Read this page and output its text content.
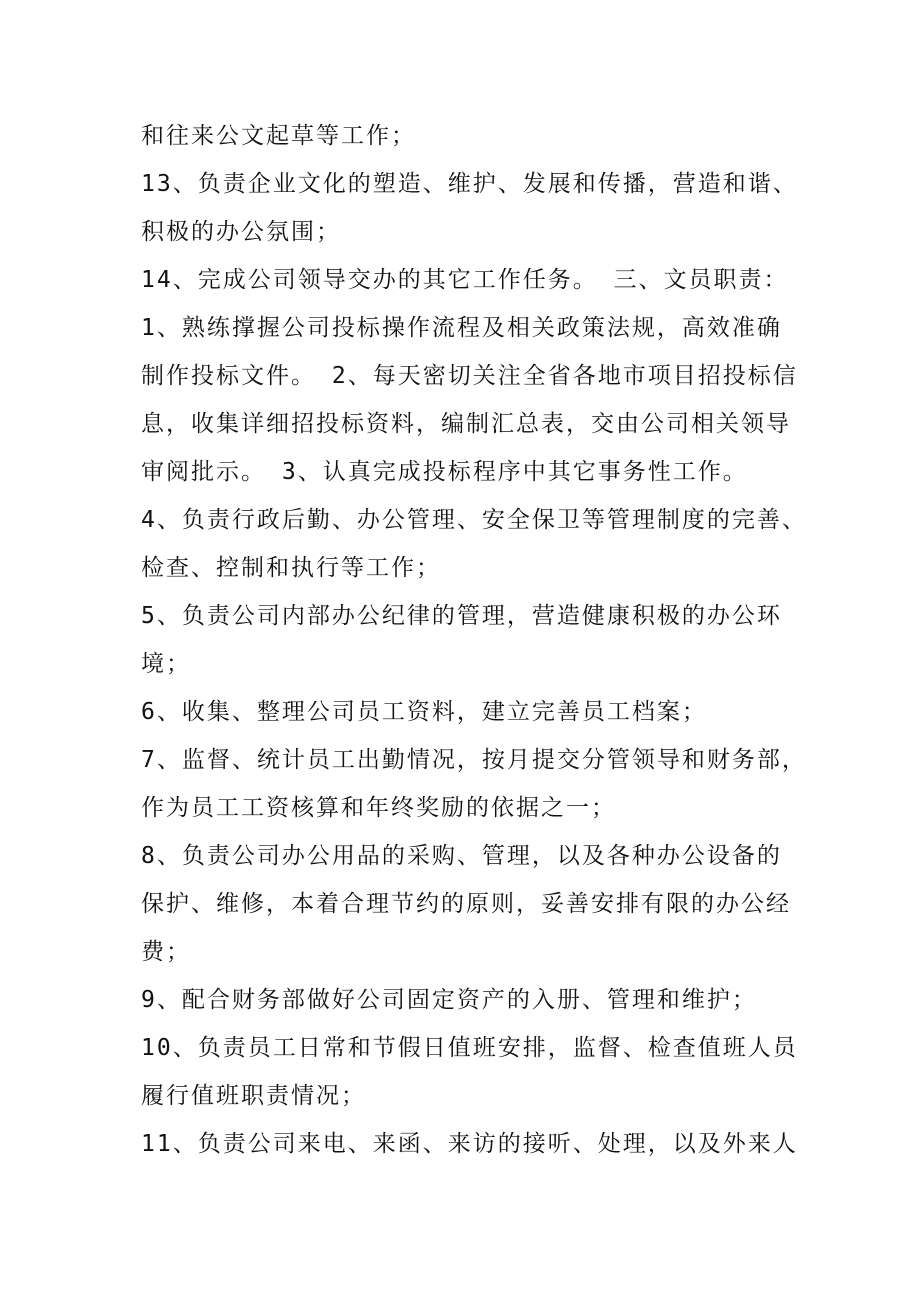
和往来公文起草等工作；
13、负责企业文化的塑造、维护、发展和传播，营造和谐、
积极的办公氛围；
14、完成公司领导交办的其它工作任务。 三、文员职责：
1、熟练撑握公司投标操作流程及相关政策法规，高效准确
制作投标文件。 2、每天密切关注全省各地市项目招投标信
息，收集详细招投标资料，编制汇总表，交由公司相关领导
审阅批示。 3、认真完成投标程序中其它事务性工作。
4、负责行政后勤、办公管理、安全保卫等管理制度的完善、
检查、控制和执行等工作；
5、负责公司内部办公纪律的管理，营造健康积极的办公环
境；
6、收集、整理公司员工资料，建立完善员工档案；
7、监督、统计员工出勤情况，按月提交分管领导和财务部，
作为员工工资核算和年终奖励的依据之一；
8、负责公司办公用品的采购、管理，以及各种办公设备的
保护、维修，本着合理节约的原则，妥善安排有限的办公经
费；
9、配合财务部做好公司固定资产的入册、管理和维护；
10、负责员工日常和节假日值班安排，监督、检查值班人员
履行值班职责情况；
11、负责公司来电、来函、来访的接听、处理，以及外来人
